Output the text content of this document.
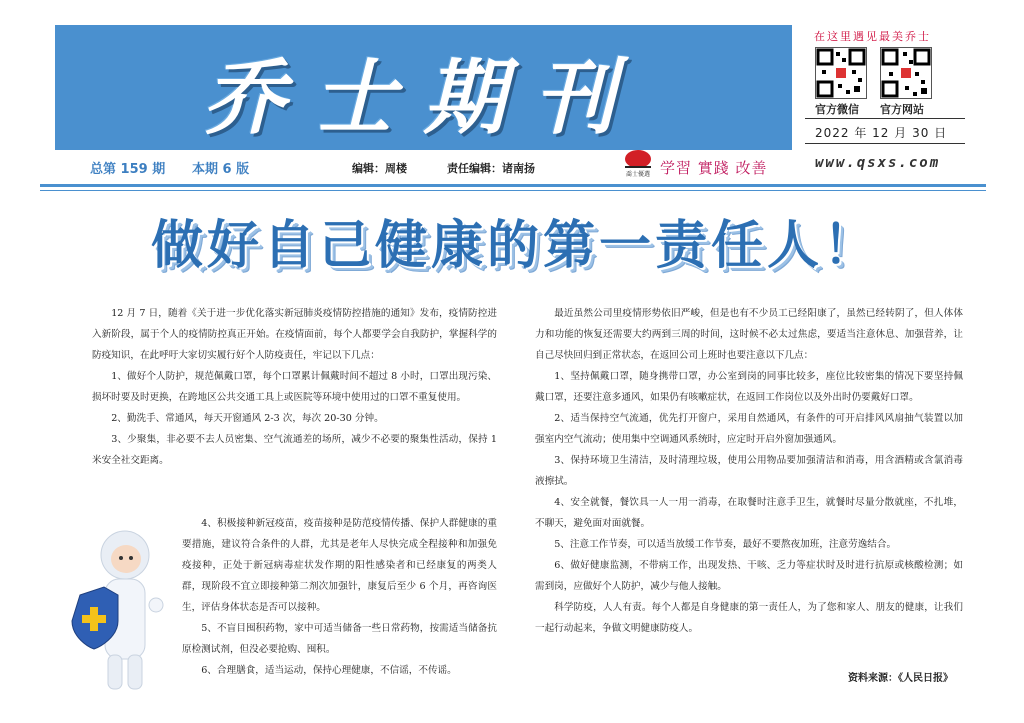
乔士期刊
在这里遇见最美乔士
官方微信 官方网站
2022 年 12 月 30 日
总第 159 期 本期 6 版	编辑：周楼	责任编辑：诸南扬	喬士優選 学習 實踐 改善	www.qsxs.com
做好自己健康的第一责任人！

12 月 7 日，随着《关于进一步优化落实新冠肺炎疫情防控措施的通知》发布，疫情防控进入新阶段，属于个人的疫情防控真正开始。在疫情面前，每个人都要学会自我防护，掌握科学的防疫知识，在此呼吁大家切实履行好个人防疫责任，牢记以下几点：

1、做好个人防护，规范佩戴口罩，每个口罩累计佩戴时间不超过 8 小时，口罩出现污染、损坏时要及时更换，在跨地区公共交通工具上或医院等环境中使用过的口罩不重复使用。

2、勤洗手、常通风，每天开窗通风 2-3 次，每次 20-30 分钟。

3、少聚集，非必要不去人员密集、空气流通差的场所，减少不必要的聚集性活动，保持 1 米安全社交距离。

4、积极接种新冠疫苗，疫苗接种是防范疫情传播、保护人群健康的重要措施，建议符合条件的人群，尤其是老年人尽快完成全程接种和加强免疫接种，正处于新冠病毒症状发作期的阳性感染者和已经康复的两类人群，现阶段不宜立即接种第二剂次加强针，康复后至少 6 个月，再咨询医生，评估身体状态是否可以接种。

5、不盲目囤积药物，家中可适当储备一些日常药物，按需适当储备抗原检测试剂，但没必要抢购、囤积。

6、合理膳食，适当运动，保持心理健康，不信谣，不传谣。

最近虽然公司里疫情形势依旧严峻，但是也有不少员工已经阳康了，虽然已经转阴了，但人体体力和功能的恢复还需要大约两到三周的时间，这时候不必太过焦虑，要适当注意休息、加强营养，让自己尽快回归到正常状态，在返回公司上班时也要注意以下几点：

1、坚持佩戴口罩，随身携带口罩，办公室到岗的同事比较多，座位比较密集的情况下要坚持佩戴口罩，还要注意多通风，如果仍有咳嗽症状，在返回工作岗位以及外出时仍要戴好口罩。

2、适当保持空气流通，优先打开窗户，采用自然通风，有条件的可开启排风风扇抽气装置以加强室内空气流动；使用集中空调通风系统时，应定时开启外窗加强通风。

3、保持环境卫生清洁，及时清理垃圾，使用公用物品要加强清洁和消毒，用含酒精或含氯消毒液擦拭。

4、安全就餐，餐饮具一人一用一消毒，在取餐时注意手卫生，就餐时尽量分散就座，不扎堆，不聊天，避免面对面就餐。

5、注意工作节奏，可以适当放缓工作节奏，最好不要熬夜加班，注意劳逸结合。

6、做好健康监测，不带病工作，出现发热、干咳、乏力等症状时及时进行抗原或核酸检测；如需到岗，应做好个人防护，减少与他人接触。

科学防疫，人人有责。每个人都是自身健康的第一责任人，为了您和家人、朋友的健康，让我们一起行动起来，争做文明健康防疫人。

资料来源：《人民日报》
